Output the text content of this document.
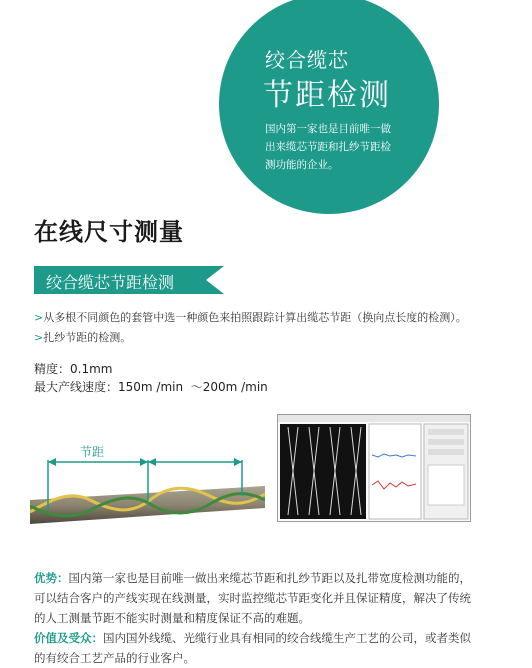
绞合缆芯
节距检测
国内第一家也是目前唯一做
出来缆芯节距和扎纱节距检
测功能的企业。
在线尺寸测量
绞合缆芯节距检测
>从多根不同颜色的套管中选一种颜色来拍照跟踪计算出缆芯节距（换向点长度的检测）。
>扎纱节距的检测。
精度：0.1mm
最大产线速度：150m /min  ～200m /min
节距
优势：国内第一家也是目前唯一做出来缆芯节距和扎纱节距以及扎带宽度检测功能的，可以结合客户的产线实现在线测量，实时监控缆芯节距变化并且保证精度，解决了传统的人工测量节距不能实时测量和精度保证不高的难题。
价值及受众：国内国外线缆、光缆行业具有相同的绞合线缆生产工艺的公司，或者类似的有绞合工艺产品的行业客户。
